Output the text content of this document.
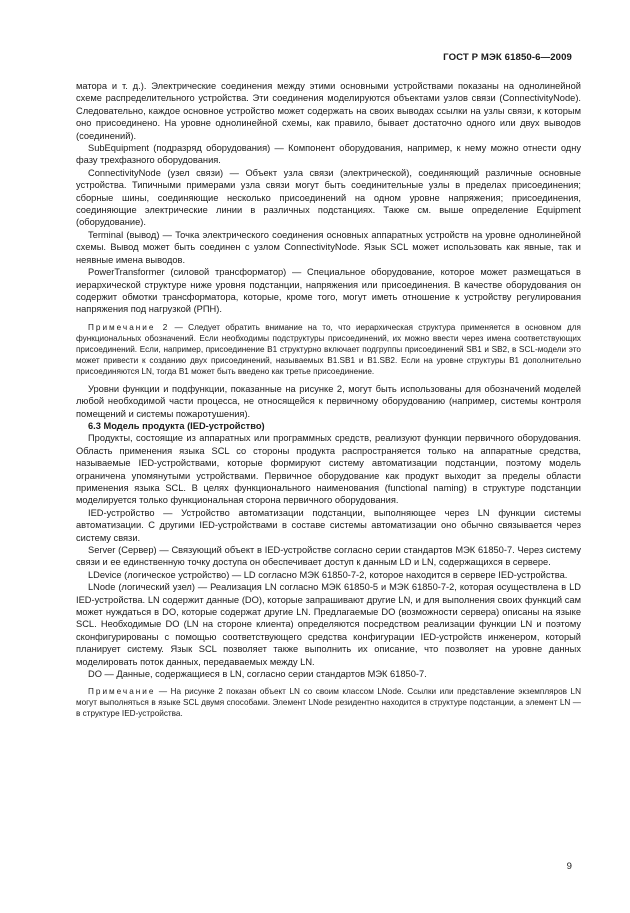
ГОСТ Р МЭК 61850-6—2009

матора и т. д.). Электрические соединения между этими основными устройствами показаны на однолинейной схеме распределительного устройства. Эти соединения моделируются объектами узлов связи (ConnectivityNode). Следовательно, каждое основное устройство может содержать на своих выводах ссылки на узлы связи, к которым оно присоединено. На уровне однолинейной схемы, как правило, бывает достаточно одного или двух выводов (соединений).

SubEquipment (подразряд оборудования) — Компонент оборудования, например, к нему можно отнести одну фазу трехфазного оборудования.

ConnectivityNode (узел связи) — Объект узла связи (электрической), соединяющий различные основные устройства. Типичными примерами узла связи могут быть соединительные узлы в пределах присоединения; сборные шины, соединяющие несколько присоединений на одном уровне напряжения; присоединения, соединяющие электрические линии в различных подстанциях. Также см. выше определение Equipment (оборудование).

Terminal (вывод) — Точка электрического соединения основных аппаратных устройств на уровне однолинейной схемы. Вывод может быть соединен с узлом ConnectivityNode. Язык SCL может использовать как явные, так и неявные имена выводов.

PowerTransformer (силовой трансформатор) — Специальное оборудование, которое может размещаться в иерархической структуре ниже уровня подстанции, напряжения или присоединения. В качестве оборудования он содержит обмотки трансформатора, которые, кроме того, могут иметь отношение к устройству регулирования напряжения под нагрузкой (РПН).

Примечание 2 — Следует обратить внимание на то, что иерархическая структура применяется в основном для функциональных обозначений. Если необходимы подструктуры присоединений, их можно ввести через имена соответствующих присоединений. Если, например, присоединение B1 структурно включает подгруппы присоединений SB1 и SB2, в SCL-модели это может привести к созданию двух присоединений, называемых B1.SB1 и B1.SB2. Если на уровне структуры B1 дополнительно присоединяются LN, тогда B1 может быть введено как третье присоединение.

Уровни функции и подфункции, показанные на рисунке 2, могут быть использованы для обозначений моделей любой необходимой части процесса, не относящейся к первичному оборудованию (например, системы контроля помещений и системы пожаротушения).

6.3 Модель продукта (IED-устройство)

Продукты, состоящие из аппаратных или программных средств, реализуют функции первичного оборудования. Область применения языка SCL со стороны продукта распространяется только на аппаратные средства, называемые IED-устройствами, которые формируют систему автоматизации подстанции, поэтому модель ограничена упомянутыми устройствами. Первичное оборудование как продукт выходит за пределы области применения языка SCL. В целях функционального наименования (functional naming) в структуре подстанции моделируется только функциональная сторона первичного оборудования.

IED-устройство — Устройство автоматизации подстанции, выполняющее через LN функции системы автоматизации. С другими IED-устройствами в составе системы автоматизации оно обычно связывается через систему связи.

Server (Сервер) — Связующий объект в IED-устройстве согласно серии стандартов МЭК 61850-7. Через систему связи и ее единственную точку доступа он обеспечивает доступ к данным LD и LN, содержащихся в сервере.

LDevice (логическое устройство) — LD согласно МЭК 61850-7-2, которое находится в сервере IED-устройства.

LNode (логический узел) — Реализация LN согласно МЭК 61850-5 и МЭК 61850-7-2, которая осуществлена в LD IED-устройства. LN содержит данные (DO), которые запрашивают другие LN, и для выполнения своих функций сам может нуждаться в DO, которые содержат другие LN. Предлагаемые DO (возможности сервера) описаны на языке SCL. Необходимые DO (LN на стороне клиента) определяются посредством реализации функции LN и поэтому сконфигурированы с помощью соответствующего средства конфигурации IED-устройств инженером, который планирует систему. Язык SCL позволяет также выполнить их описание, что позволяет на уровне данных моделировать поток данных, передаваемых между LN.

DO — Данные, содержащиеся в LN, согласно серии стандартов МЭК 61850-7.

Примечание — На рисунке 2 показан объект LN со своим классом LNode. Ссылки или представление экземпляров LN могут выполняться в языке SCL двумя способами. Элемент LNode резидентно находится в структуре подстанции, а элемент LN — в структуре IED-устройства.

9
